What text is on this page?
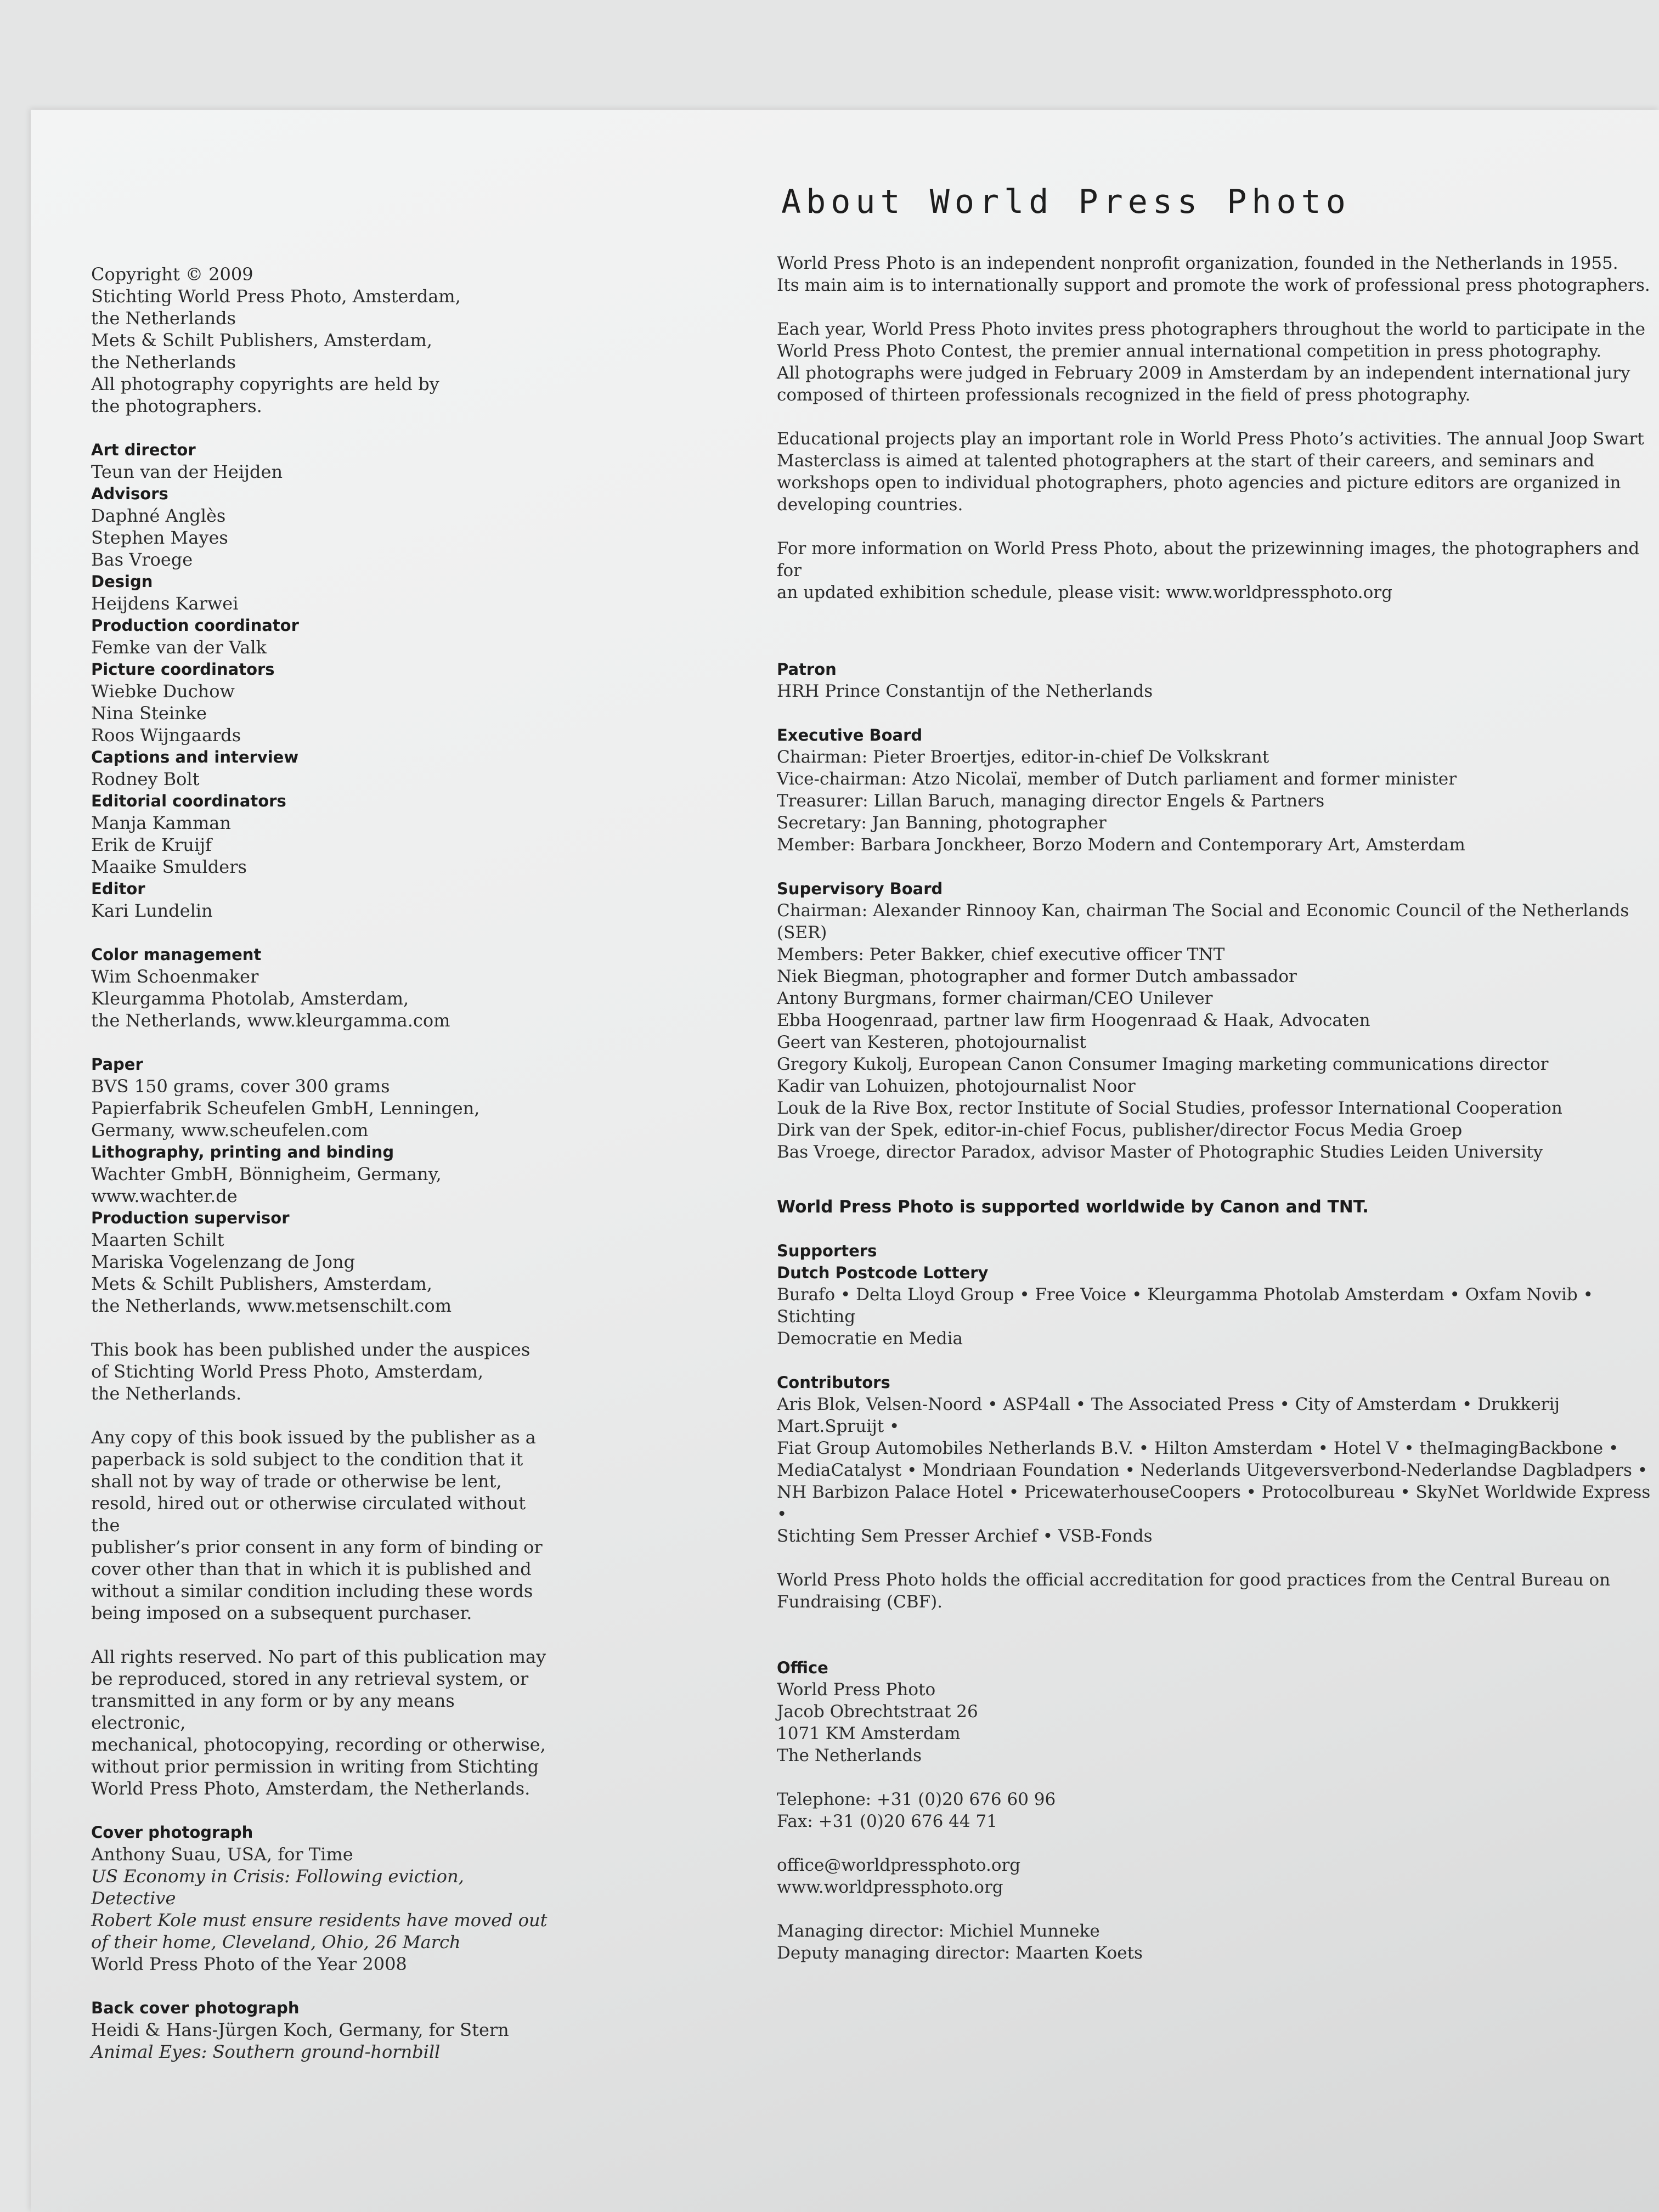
Copyright © 2009
Stichting World Press Photo, Amsterdam,
the Netherlands
Mets & Schilt Publishers, Amsterdam,
the Netherlands
All photography copyrights are held by
the photographers.
Art director
Teun van der Heijden
Advisors
Daphné Anglès
Stephen Mayes
Bas Vroege
Design
Heijdens Karwei
Production coordinator
Femke van der Valk
Picture coordinators
Wiebke Duchow
Nina Steinke
Roos Wijngaards
Captions and interview
Rodney Bolt
Editorial coordinators
Manja Kamman
Erik de Kruijf
Maaike Smulders
Editor
Kari Lundelin
Color management
Wim Schoenmaker
Kleurgamma Photolab, Amsterdam,
the Netherlands, www.kleurgamma.com
Paper
BVS 150 grams, cover 300 grams
Papierfabrik Scheufelen GmbH, Lenningen,
Germany, www.scheufelen.com
Lithography, printing and binding
Wachter GmbH, Bönnigheim, Germany,
www.wachter.de
Production supervisor
Maarten Schilt
Mariska Vogelenzang de Jong
Mets & Schilt Publishers, Amsterdam,
the Netherlands, www.metsenschilt.com
This book has been published under the auspices
of Stichting World Press Photo, Amsterdam,
the Netherlands.
Any copy of this book issued by the publisher as a
paperback is sold subject to the condition that it
shall not by way of trade or otherwise be lent,
resold, hired out or otherwise circulated without the
publisher’s prior consent in any form of binding or
cover other than that in which it is published and
without a similar condition including these words
being imposed on a subsequent purchaser.
All rights reserved. No part of this publication may
be reproduced, stored in any retrieval system, or
transmitted in any form or by any means electronic,
mechanical, photocopying, recording or otherwise,
without prior permission in writing from Stichting
World Press Photo, Amsterdam, the Netherlands.
Cover photograph
Anthony Suau, USA, for Time
US Economy in Crisis: Following eviction, Detective
Robert Kole must ensure residents have moved out
of their home, Cleveland, Ohio, 26 March
World Press Photo of the Year 2008
Back cover photograph
Heidi & Hans-Jürgen Koch, Germany, for Stern
Animal Eyes: Southern ground-hornbill
About World Press Photo
World Press Photo is an independent nonprofit organization, founded in the Netherlands in 1955.
Its main aim is to internationally support and promote the work of professional press photographers.
Each year, World Press Photo invites press photographers throughout the world to participate in the
World Press Photo Contest, the premier annual international competition in press photography.
All photographs were judged in February 2009 in Amsterdam by an independent international jury
composed of thirteen professionals recognized in the field of press photography.
Educational projects play an important role in World Press Photo’s activities. The annual Joop Swart
Masterclass is aimed at talented photographers at the start of their careers, and seminars and
workshops open to individual photographers, photo agencies and picture editors are organized in
developing countries.
For more information on World Press Photo, about the prizewinning images, the photographers and for
an updated exhibition schedule, please visit: www.worldpressphoto.org
Patron
HRH Prince Constantijn of the Netherlands
Executive Board
Chairman: Pieter Broertjes, editor-in-chief De Volkskrant
Vice-chairman: Atzo Nicolaï, member of Dutch parliament and former minister
Treasurer: Lillan Baruch, managing director Engels & Partners
Secretary: Jan Banning, photographer
Member: Barbara Jonckheer, Borzo Modern and Contemporary Art, Amsterdam
Supervisory Board
Chairman: Alexander Rinnooy Kan, chairman The Social and Economic Council of the Netherlands (SER)
Members: Peter Bakker, chief executive officer TNT
Niek Biegman, photographer and former Dutch ambassador
Antony Burgmans, former chairman/CEO Unilever
Ebba Hoogenraad, partner law firm Hoogenraad & Haak, Advocaten
Geert van Kesteren, photojournalist
Gregory Kukolj, European Canon Consumer Imaging marketing communications director
Kadir van Lohuizen, photojournalist Noor
Louk de la Rive Box, rector Institute of Social Studies, professor International Cooperation
Dirk van der Spek, editor-in-chief Focus, publisher/director Focus Media Groep
Bas Vroege, director Paradox, advisor Master of Photographic Studies Leiden University
World Press Photo is supported worldwide by Canon and TNT.
Supporters
Dutch Postcode Lottery
Burafo • Delta Lloyd Group • Free Voice • Kleurgamma Photolab Amsterdam • Oxfam Novib • Stichting
Democratie en Media
Contributors
Aris Blok, Velsen-Noord • ASP4all • The Associated Press • City of Amsterdam • Drukkerij Mart.Spruijt •
Fiat Group Automobiles Netherlands B.V. • Hilton Amsterdam • Hotel V • theImagingBackbone •
MediaCatalyst • Mondriaan Foundation • Nederlands Uitgeversverbond-Nederlandse Dagbladpers •
NH Barbizon Palace Hotel • PricewaterhouseCoopers • Protocolbureau • SkyNet Worldwide Express •
Stichting Sem Presser Archief • VSB-Fonds
World Press Photo holds the official accreditation for good practices from the Central Bureau on
Fundraising (CBF).
Office
World Press Photo
Jacob Obrechtstraat 26
1071 KM Amsterdam
The Netherlands
Telephone: +31 (0)20 676 60 96
Fax: +31 (0)20 676 44 71
office@worldpressphoto.org
www.worldpressphoto.org
Managing director: Michiel Munneke
Deputy managing director: Maarten Koets
